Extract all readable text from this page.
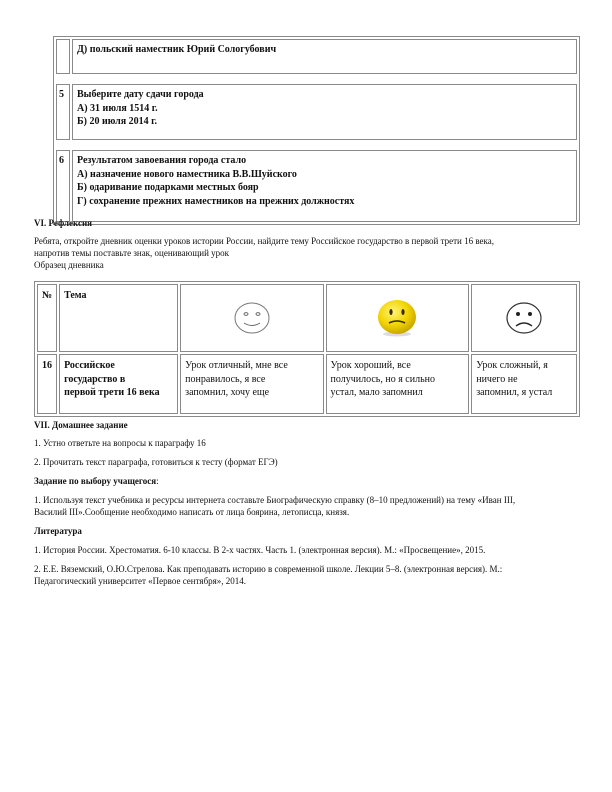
	Д) польский наместник Юрий Сологубович

5	Выберите дату сдачи города
А) 31 июля 1514 г.
Б) 20 июля 2014 г.

6	Результатом завоевания города стало
А) назначение нового наместника В.В.Шуйского
Б) одаривание подарками местных бояр
Г) сохранение прежних наместников на прежних должностях
VI. Рефлексия
Ребята, откройте дневник оценки уроков истории России, найдите тему Российское государство в первой трети 16 века,
напротив темы поставьте знак, оценивающий урок
Образец дневника
№	Тема	

16	Российское
государство в
первой трети 16 века	Урок отличный, мне все
понравилось, я все
запомнил, хочу еще	Урок хороший, все
получилось, но я сильно
устал, мало запомнил	Урок сложный, я
ничего не
запомнил, я устал
VII. Домашнее задание
1. Устно ответьте на вопросы к параграфу 16
2. Прочитать текст параграфа, готовиться к тесту (формат ЕГЭ)
Задание по выбору учащегося:
1. Используя текст учебника и ресурсы интернета составьте Биографическую справку (8–10 предложений) на тему «Иван III,
Василий III».Сообщение необходимо написать от лица боярина, летописца, князя.
Литература
1. История России. Хрестоматия. 6-10 классы. В 2-х частях. Часть 1. (электронная версия). М.: «Просвещение», 2015.
2. Е.Е. Вяземский, О.Ю.Стрелова. Как преподавать историю в современной школе. Лекции 5–8. (электронная версия). М.:
Педагогический университет «Первое сентября», 2014.
